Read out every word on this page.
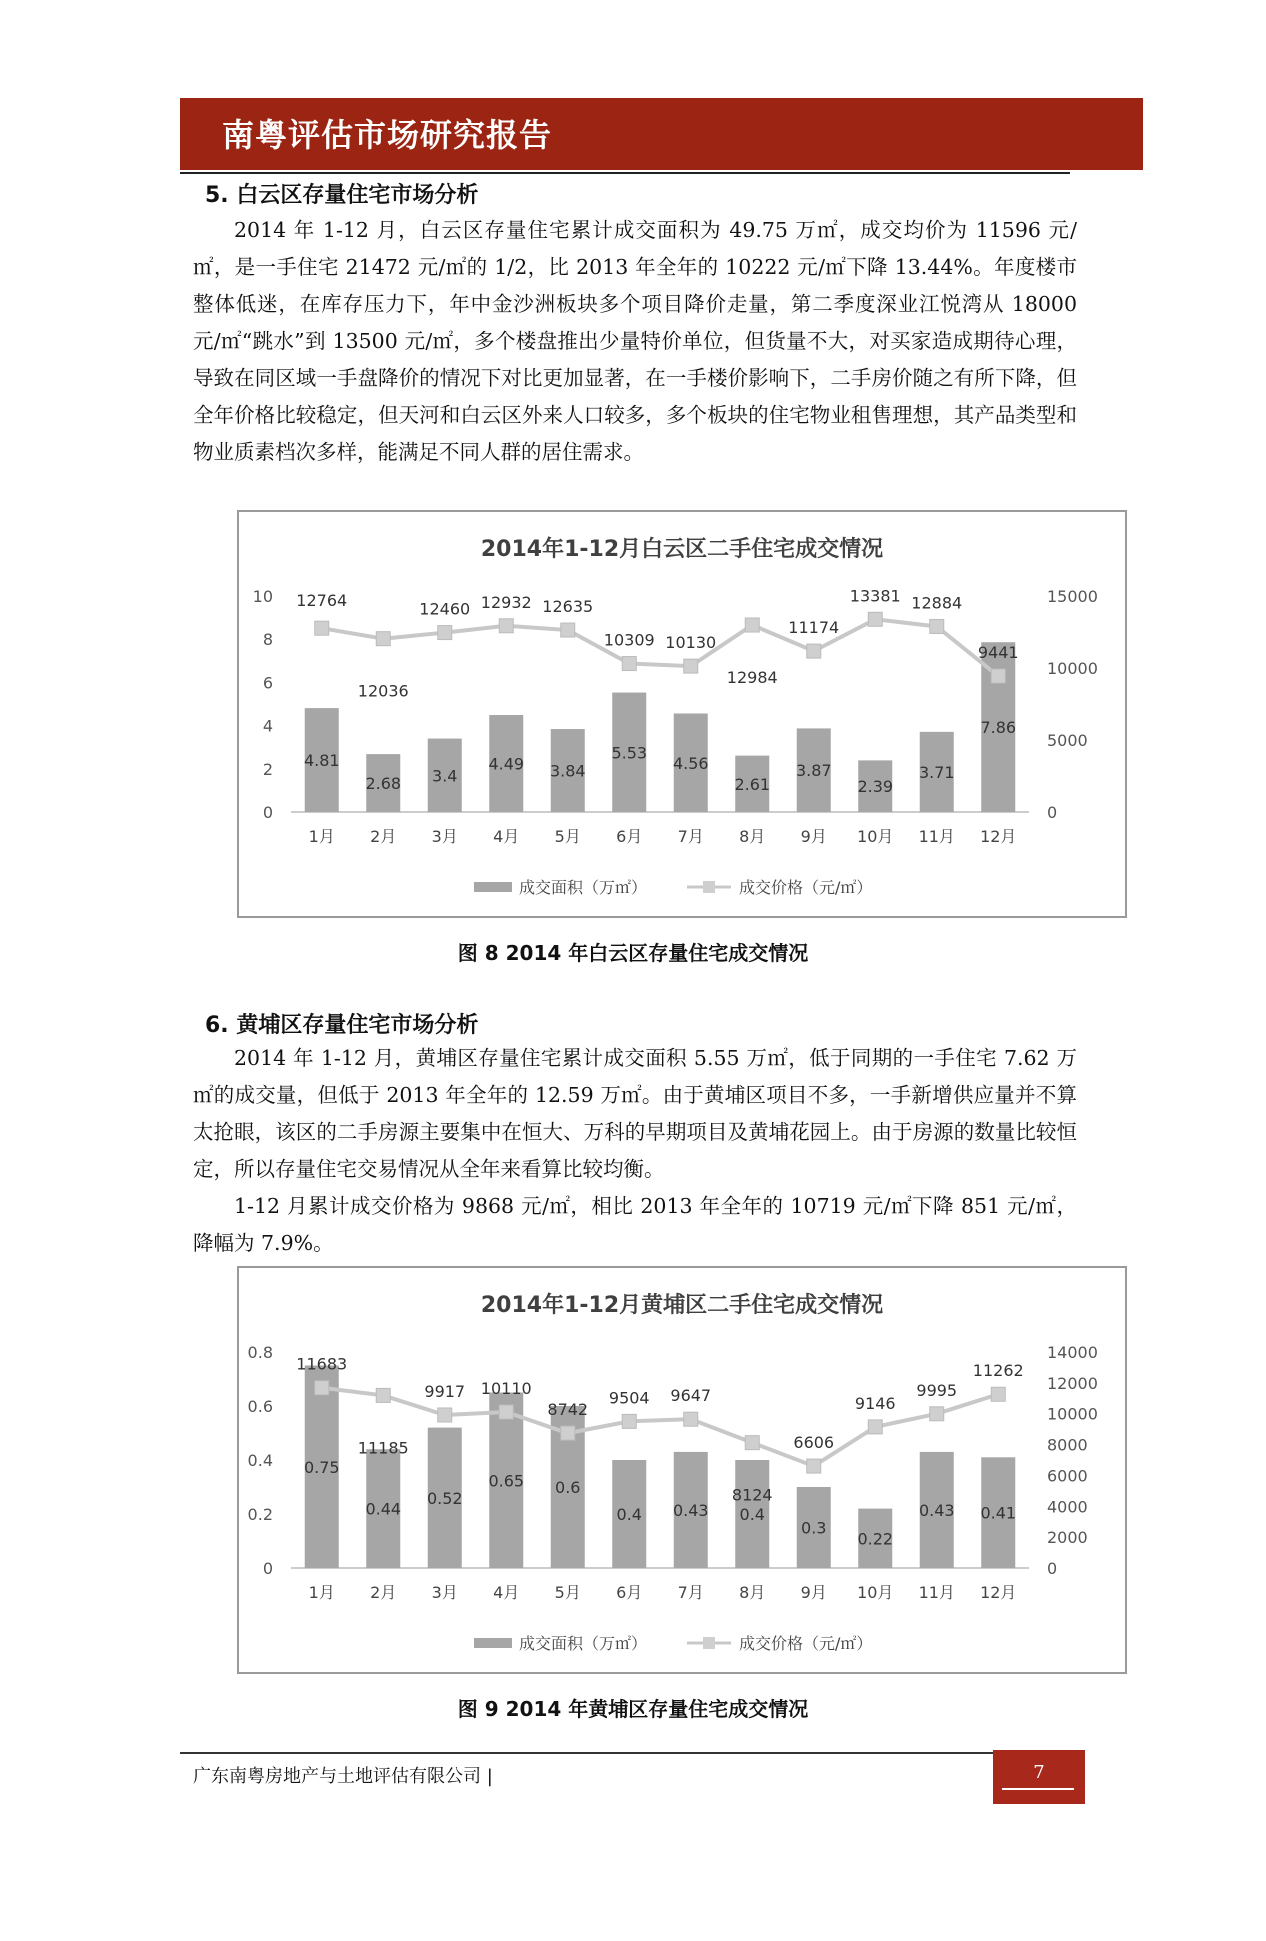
南粤评估市场研究报告
5. 白云区存量住宅市场分析

2014 年 1-12 月，白云区存量住宅累计成交面积为 49.75 万㎡，成交均价为 11596 元/㎡，是一手住宅 21472 元/㎡的 1/2，比 2013 年全年的 10222 元/㎡下降 13.44%。年度楼市整体低迷，在库存压力下，年中金沙洲板块多个项目降价走量，第二季度深业江悦湾从 18000 元/㎡“跳水”到 13500 元/㎡，多个楼盘推出少量特价单位，但货量不大，对买家造成期待心理，导致在同区域一手盘降价的情况下对比更加显著，在一手楼价影响下，二手房价随之有所下降，但全年价格比较稳定，但天河和白云区外来人口较多，多个板块的住宅物业租售理想，其产品类型和物业质素档次多样，能满足不同人群的居住需求。

2014年1-12月白云区二手住宅成交情况
0
2
4
6
8
10
0
5000
10000
15000
4.81
1月
2.68
2月
3.4
3月
4.49
4月
3.84
5月
5.53
6月
4.56
7月
2.61
8月
3.87
9月
2.39
10月
3.71
11月
7.86
12月
12764
12036
12460 12932 12635
10309 10130
12984
11174
13381 12884
9441
成交面积（万㎡）	成交价格（元/㎡）
图 8 2014 年白云区存量住宅成交情况
6. 黄埔区存量住宅市场分析

2014 年 1-12 月，黄埔区存量住宅累计成交面积 5.55 万㎡，低于同期的一手住宅 7.62 万㎡的成交量，但低于 2013 年全年的 12.59 万㎡。由于黄埔区项目不多，一手新增供应量并不算太抢眼，该区的二手房源主要集中在恒大、万科的早期项目及黄埔花园上。由于房源的数量比较恒定，所以存量住宅交易情况从全年来看算比较均衡。

1-12 月累计成交价格为 9868 元/㎡，相比 2013 年全年的 10719 元/㎡下降 851 元/㎡，降幅为 7.9%。

2014年1-12月黄埔区二手住宅成交情况
0
0.2
0.4
0.6
0.8
0
2000
4000
6000
8000
10000
12000
14000
0.75
1月
0.44
2月
0.52
3月
0.65
4月
0.6
5月
0.4
6月
0.43
7月
0.4
8月
0.3
9月
0.22
10月
0.43
11月
0.41
12月
11683
11185
9917 10110
8742
9504 9647
8124
6606
9146
9995
11262
成交面积（万㎡）	成交价格（元/㎡）
图 9 2014 年黄埔区存量住宅成交情况
广东南粤房地产与土地评估有限公司 |	7
